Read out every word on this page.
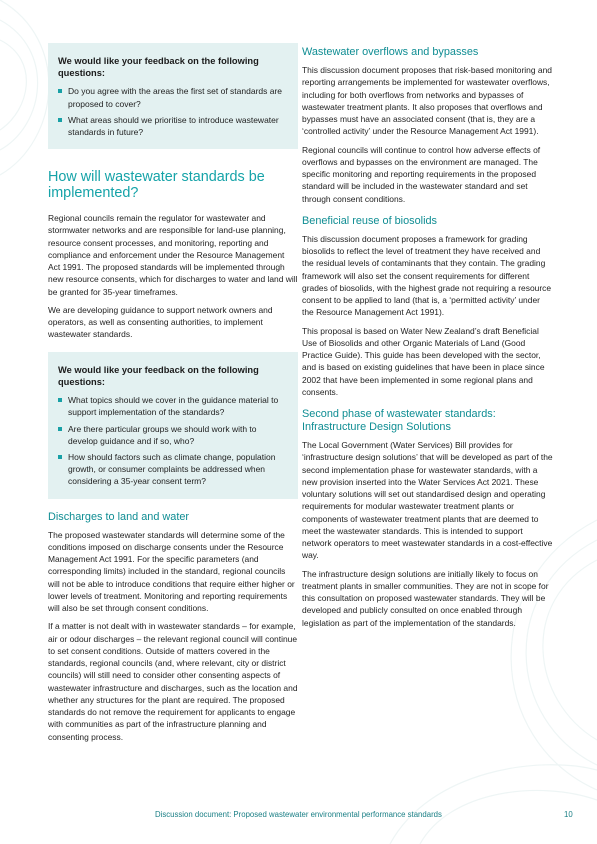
We would like your feedback on the following questions:
Do you agree with the areas the first set of standards are proposed to cover?
What areas should we prioritise to introduce wastewater standards in future?
How will wastewater standards be implemented?

Regional councils remain the regulator for wastewater and stormwater networks and are responsible for land-use planning, resource consent processes, and monitoring, reporting and compliance and enforcement under the Resource Management Act 1991. The proposed standards will be implemented through new resource consents, which for discharges to water and land will be granted for 35-year timeframes.

We are developing guidance to support network owners and operators, as well as consenting authorities, to implement wastewater standards.

We would like your feedback on the following questions:
What topics should we cover in the guidance material to support implementation of the standards?
Are there particular groups we should work with to develop guidance and if so, who?
How should factors such as climate change, population growth, or consumer complaints be addressed when considering a 35-year consent term?
Discharges to land and water

The proposed wastewater standards will determine some of the conditions imposed on discharge consents under the Resource Management Act 1991. For the specific parameters (and corresponding limits) included in the standard, regional councils will not be able to introduce conditions that require either higher or lower levels of treatment. Monitoring and reporting requirements will also be set through consent conditions.

If a matter is not dealt with in wastewater standards – for example, air or odour discharges – the relevant regional council will continue to set consent conditions. Outside of matters covered in the standards, regional councils (and, where relevant, city or district councils) will still need to consider other consenting aspects of wastewater infrastructure and discharges, such as the location and whether any structures for the plant are required. The proposed standards do not remove the requirement for applicants to engage with communities as part of the infrastructure planning and consenting process.

Wastewater overflows and bypasses

This discussion document proposes that risk-based monitoring and reporting arrangements be implemented for wastewater overflows, including for both overflows from networks and bypasses of wastewater treatment plants. It also proposes that overflows and bypasses must have an associated consent (that is, they are a ‘controlled activity’ under the Resource Management Act 1991).

Regional councils will continue to control how adverse effects of overflows and bypasses on the environment are managed. The specific monitoring and reporting requirements in the proposed standard will be included in the wastewater standard and set through consent conditions.

Beneficial reuse of biosolids

This discussion document proposes a framework for grading biosolids to reflect the level of treatment they have received and the residual levels of contaminants that they contain. The grading framework will also set the consent requirements for different grades of biosolids, with the highest grade not requiring a resource consent to be applied to land (that is, a ‘permitted activity’ under the Resource Management Act 1991).

This proposal is based on Water New Zealand’s draft Beneficial Use of Biosolids and other Organic Materials of Land (Good Practice Guide). This guide has been developed with the sector, and is based on existing guidelines that have been in place since 2002 that have been implemented in some regional plans and consents.

Second phase of wastewater standards: Infrastructure Design Solutions

The Local Government (Water Services) Bill provides for ‘infrastructure design solutions’ that will be developed as part of the second implementation phase for wastewater standards, with a new provision inserted into the Water Services Act 2021. These voluntary solutions will set out standardised design and operating requirements for modular wastewater treatment plants or components of wastewater treatment plants that are deemed to meet the wastewater standards. This is intended to support network operators to meet wastewater standards in a cost-effective way.

The infrastructure design solutions are initially likely to focus on treatment plants in smaller communities. They are not in scope for this consultation on proposed wastewater standards. They will be developed and publicly consulted on once enabled through legislation as part of the implementation of the standards.

Discussion document: Proposed wastewater environmental performance standards	10
